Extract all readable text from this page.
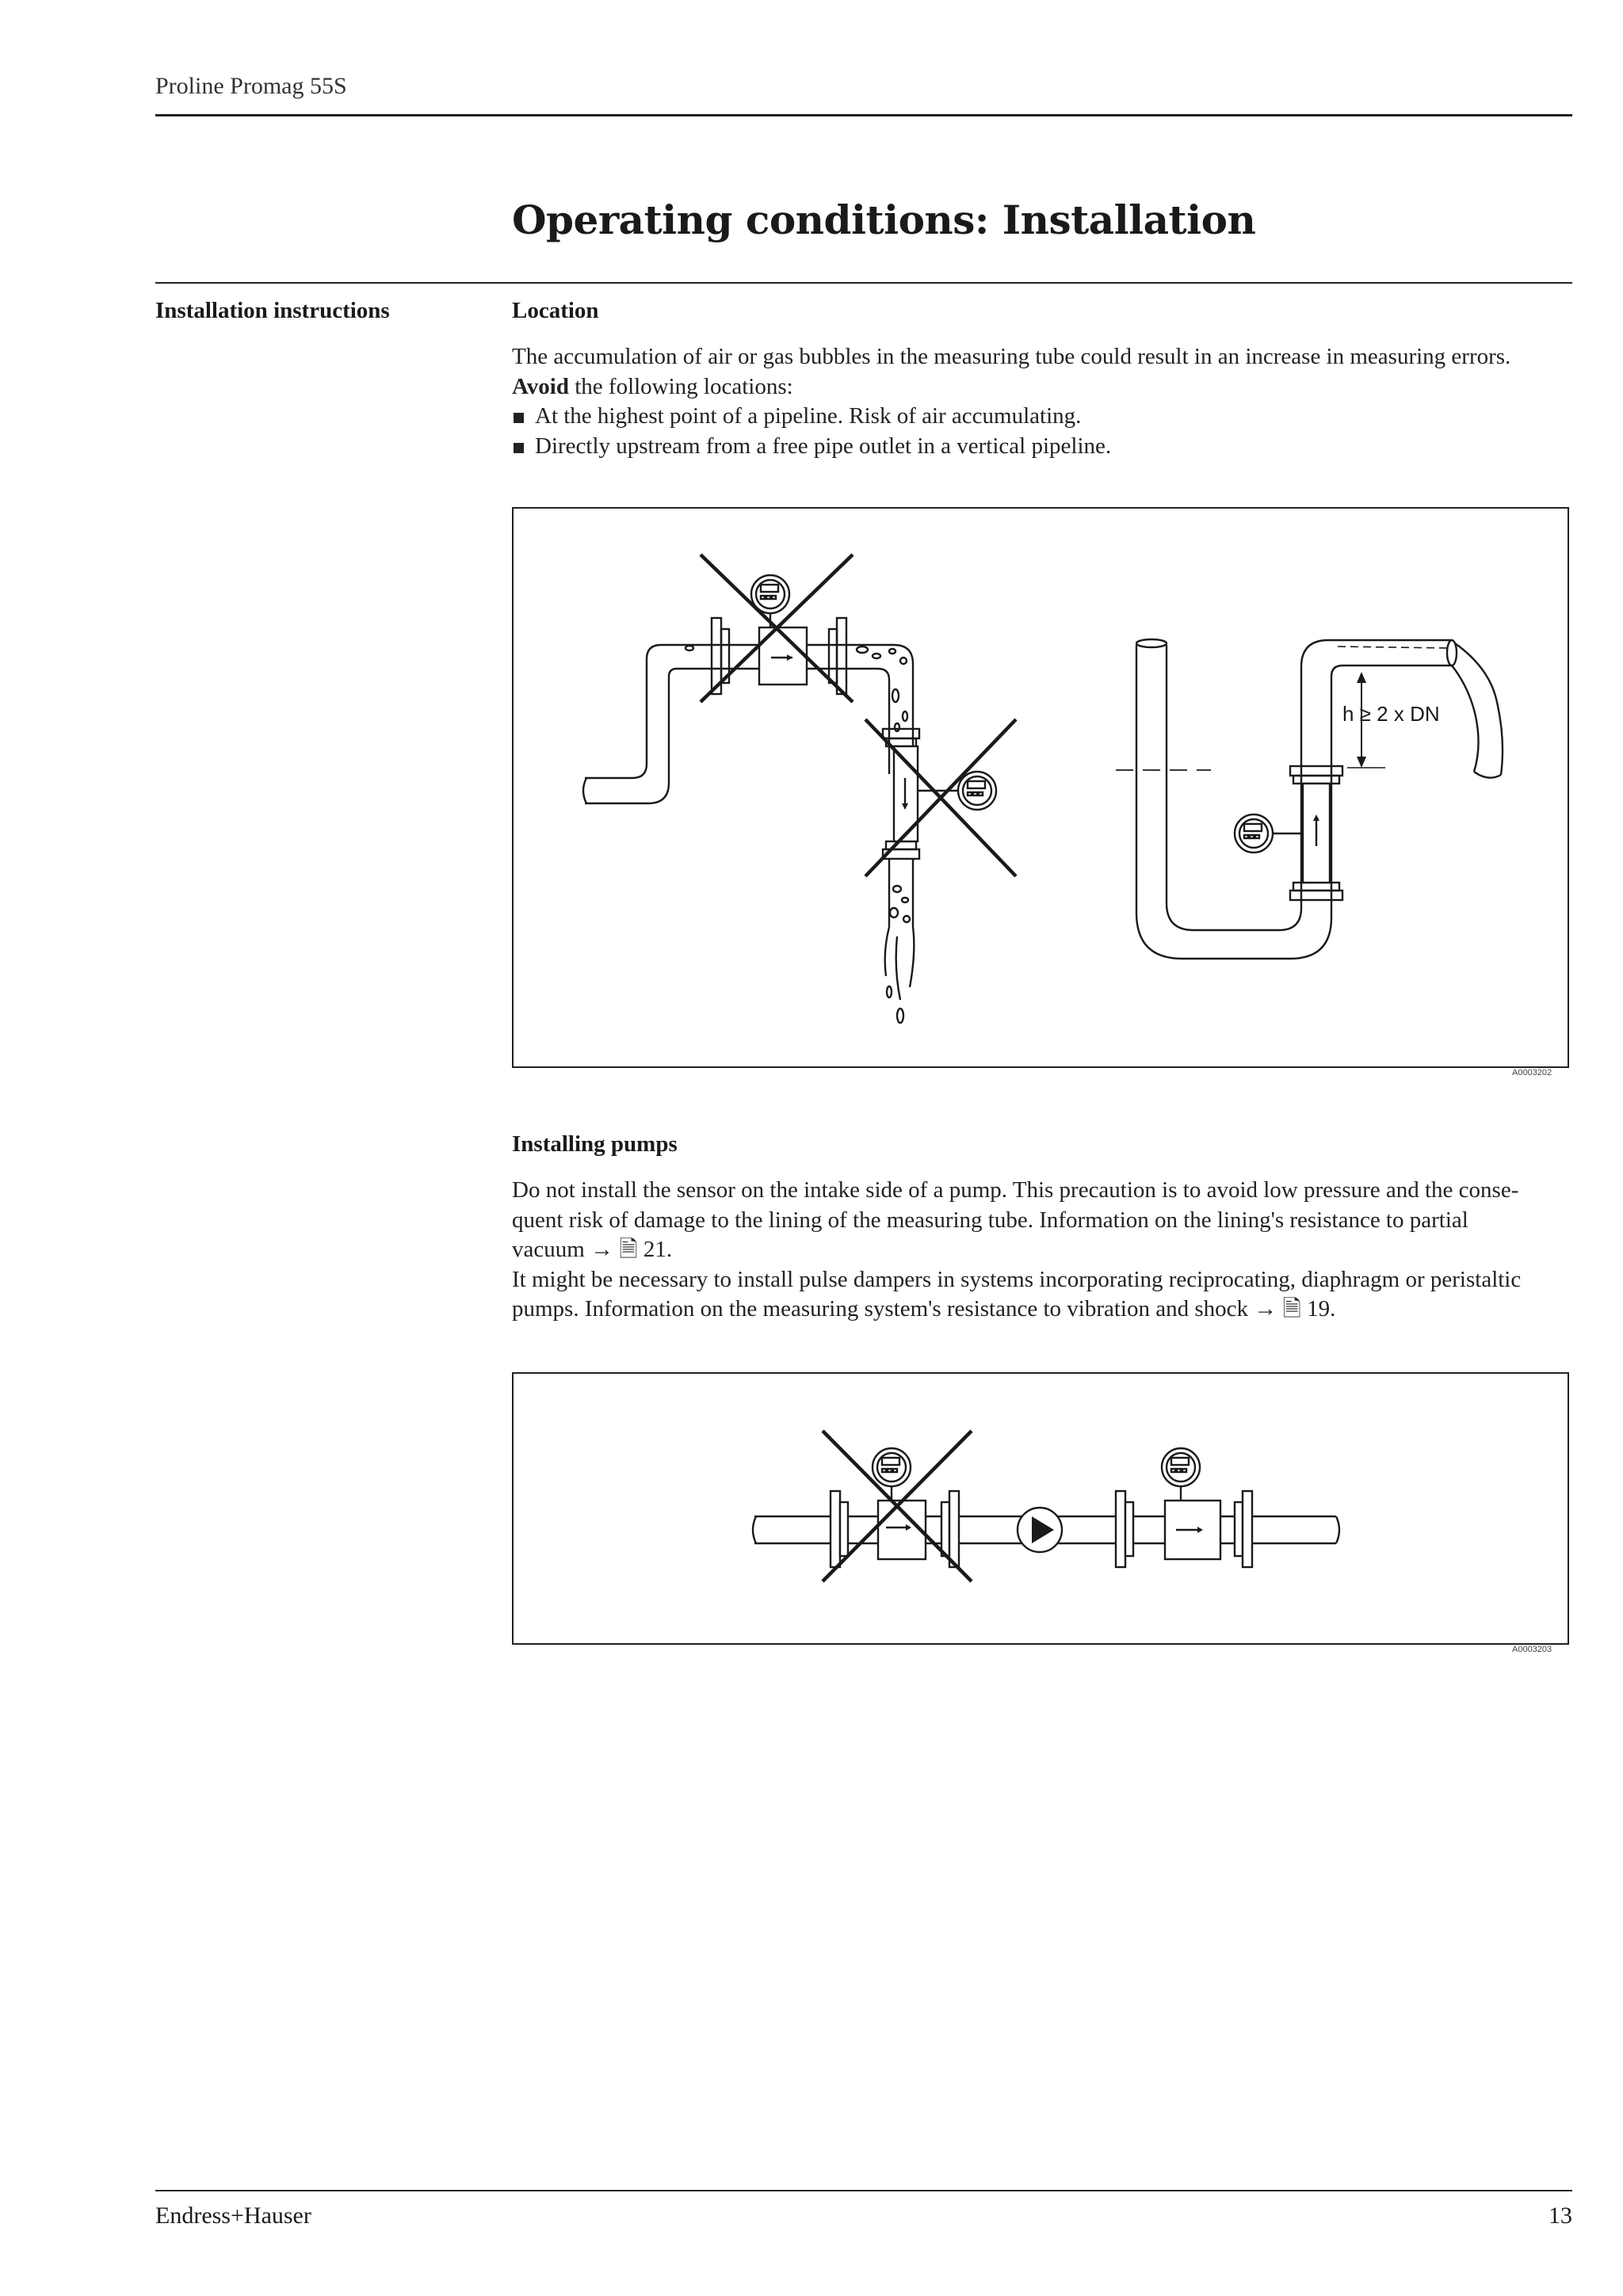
Proline Promag 55S
Operating conditions: Installation
Installation instructions	Location

The accumulation of air or gas bubbles in the measuring tube could result in an increase in measuring errors.

Avoid the following locations:

At the highest point of a pipeline. Risk of air accumulating.
Directly upstream from a free pipe outlet in a vertical pipeline.
h ≥ 2 x DN
A0003202
Installing pumps

Do not install the sensor on the intake side of a pump. This precaution is to avoid low pressure and the conse-

quent risk of damage to the lining of the measuring tube. Information on the lining's resistance to partial

vacuum → 🗎 21.

It might be necessary to install pulse dampers in systems incorporating reciprocating, diaphragm or peristaltic

pumps. Information on the measuring system's resistance to vibration and shock → 🗎 19.

A0003203
Endress+Hauser	13
